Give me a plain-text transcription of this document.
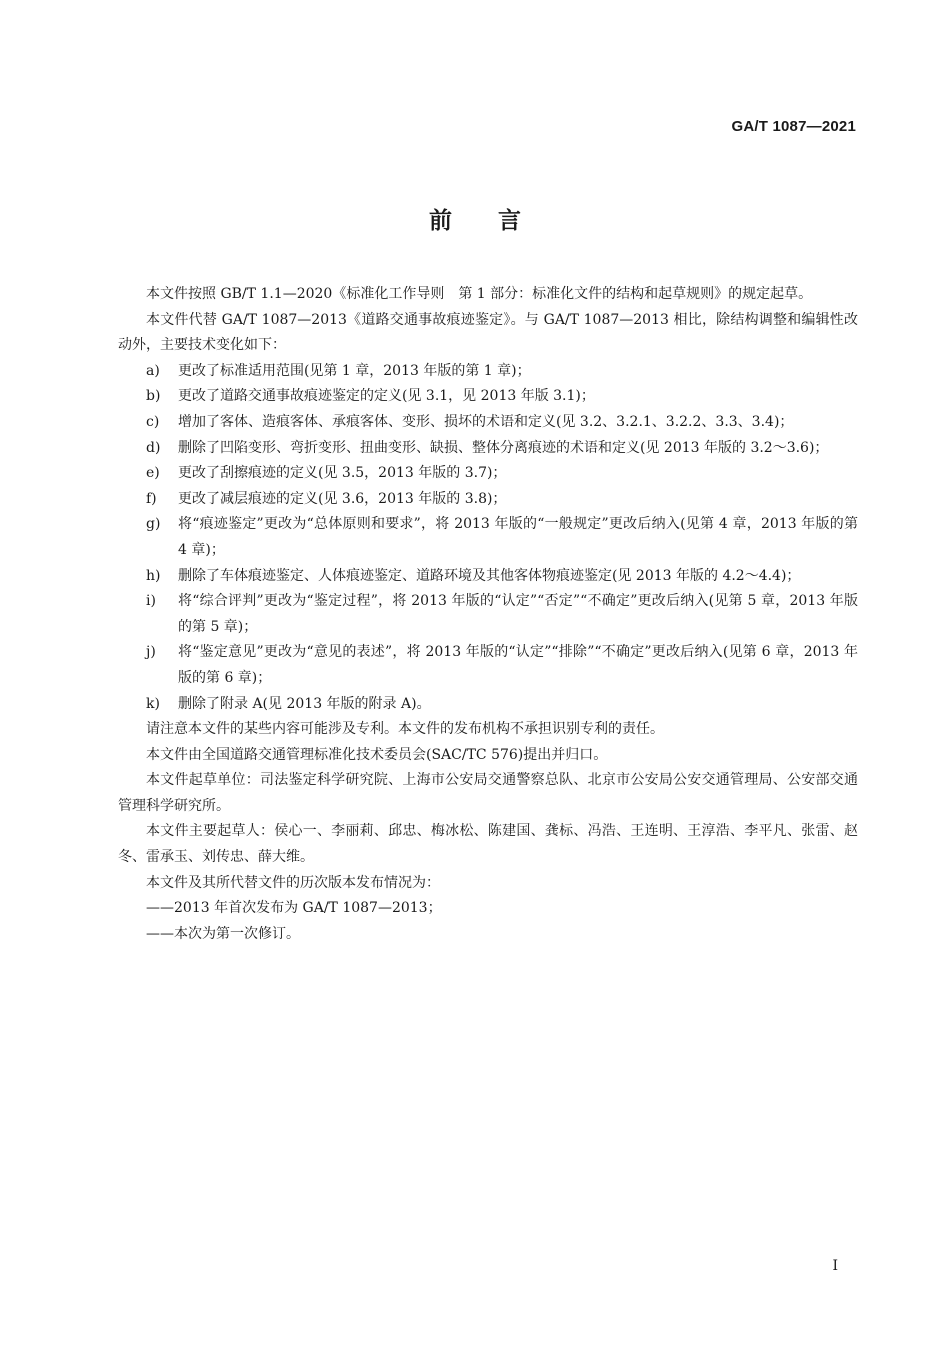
GA/T 1087—2021
前言

本文件按照 GB/T 1.1—2020《标准化工作导则　第 1 部分：标准化文件的结构和起草规则》的规定起草。

本文件代替 GA/T 1087—2013《道路交通事故痕迹鉴定》。与 GA/T 1087—2013 相比，除结构调整和编辑性改动外，主要技术变化如下：

a)	更改了标准适用范围(见第 1 章，2013 年版的第 1 章)；
b)	更改了道路交通事故痕迹鉴定的定义(见 3.1，见 2013 年版 3.1)；
c)	增加了客体、造痕客体、承痕客体、变形、损坏的术语和定义(见 3.2、3.2.1、3.2.2、3.3、3.4)；
d)	删除了凹陷变形、弯折变形、扭曲变形、缺损、整体分离痕迹的术语和定义(见 2013 年版的 3.2～3.6)；
e)	更改了刮擦痕迹的定义(见 3.5，2013 年版的 3.7)；
f)	更改了减层痕迹的定义(见 3.6，2013 年版的 3.8)；
g)	将“痕迹鉴定”更改为“总体原则和要求”，将 2013 年版的“一般规定”更改后纳入(见第 4 章，2013 年版的第 4 章)；
h)	删除了车体痕迹鉴定、人体痕迹鉴定、道路环境及其他客体物痕迹鉴定(见 2013 年版的 4.2～4.4)；
i)	将“综合评判”更改为“鉴定过程”，将 2013 年版的“认定”“否定”“不确定”更改后纳入(见第 5 章，2013 年版的第 5 章)；
j)	将“鉴定意见”更改为“意见的表述”，将 2013 年版的“认定”“排除”“不确定”更改后纳入(见第 6 章，2013 年版的第 6 章)；
k)	删除了附录 A(见 2013 年版的附录 A)。

请注意本文件的某些内容可能涉及专利。本文件的发布机构不承担识别专利的责任。

本文件由全国道路交通管理标准化技术委员会(SAC/TC 576)提出并归口。

本文件起草单位：司法鉴定科学研究院、上海市公安局交通警察总队、北京市公安局公安交通管理局、公安部交通管理科学研究所。

本文件主要起草人：侯心一、李丽莉、邱忠、梅冰松、陈建国、龚标、冯浩、王连明、王淳浩、李平凡、张雷、赵冬、雷承玉、刘传忠、薛大维。

本文件及其所代替文件的历次版本发布情况为：

——2013 年首次发布为 GA/T 1087—2013；

——本次为第一次修订。

I
